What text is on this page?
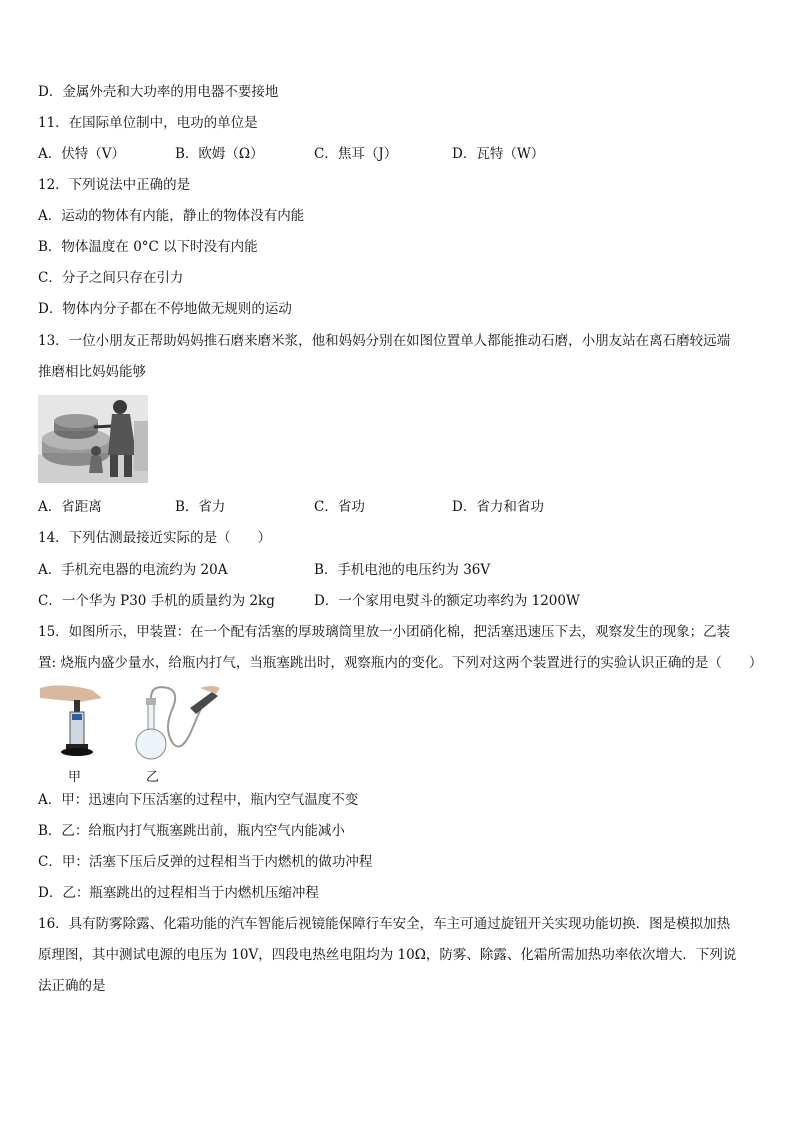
D．金属外壳和大功率的用电器不要接地
11．在国际单位制中，电功的单位是
A．伏特（V）	B．欧姆（Ω）	C．焦耳（J）	D．瓦特（W）
12．下列说法中正确的是
A．运动的物体有内能，静止的物体没有内能
B．物体温度在 0°C 以下时没有内能
C．分子之间只存在引力
D．物体内分子都在不停地做无规则的运动
13．一位小朋友正帮助妈妈推石磨来磨米浆，他和妈妈分别在如图位置单人都能推动石磨，小朋友站在离石磨较远端
推磨相比妈妈能够
A．省距离	B．省力	C．省功	D．省力和省功
14．下列估测最接近实际的是（　　）
A．手机充电器的电流约为 20A	B．手机电池的电压约为 36V
C．一个华为 P30 手机的质量约为 2kg	D．一个家用电熨斗的额定功率约为 1200W
15．如图所示，甲装置：在一个配有活塞的厚玻璃筒里放一小团硝化棉，把活塞迅速压下去，观察发生的现象；乙装
置: 烧瓶内盛少量水，给瓶内打气，当瓶塞跳出时，观察瓶内的变化。下列对这两个装置进行的实验认识正确的是（　　）
甲	乙
A．甲：迅速向下压活塞的过程中，瓶内空气温度不变
B．乙：给瓶内打气瓶塞跳出前，瓶内空气内能减小
C．甲：活塞下压后反弹的过程相当于内燃机的做功冲程
D．乙：瓶塞跳出的过程相当于内燃机压缩冲程
16．具有防雾除露、化霜功能的汽车智能后视镜能保障行车安全，车主可通过旋钮开关实现功能切换．图是模拟加热
原理图，其中测试电源的电压为 10V，四段电热丝电阻均为 10Ω，防雾、除露、化霜所需加热功率依次增大．下列说
法正确的是
